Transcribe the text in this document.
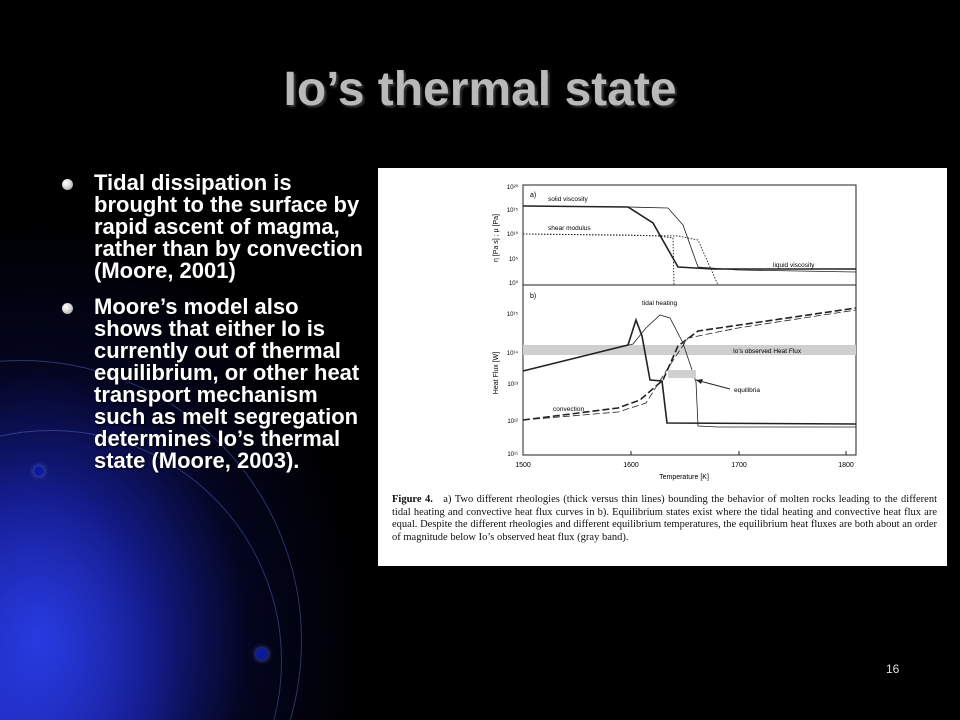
Io’s thermal state
Tidal dissipation is brought to the surface by rapid ascent of magma, rather than by convection (Moore, 2001)
Moore’s model also shows that either Io is currently out of thermal equilibrium, or other heat transport mechanism such as melt segregation determines Io’s thermal state (Moore, 2003).
10²⁰
10¹⁵
10¹⁰
10⁵
10⁰
10¹⁵
10¹⁴
10¹³
10¹²
10¹¹
η [Pa s] ; μ [Pa]
Heat Flux [W]
1500	1600	1700	1800
Temperature [K]
a)
b)
solid viscosity
shear modulus
liquid viscosity
Io’s observed Heat Flux
tidal heating
convection
equilibria
Figure 4. a) Two different rheologies (thick versus thin lines) bounding the behavior of molten rocks leading to the different tidal heating and convective heat flux curves in b). Equilibrium states exist where the tidal heating and convective heat flux are equal. Despite the different rheologies and different equilibrium temperatures, the equilibrium heat fluxes are both about an order of magnitude below Io’s observed heat flux (gray band).
16
